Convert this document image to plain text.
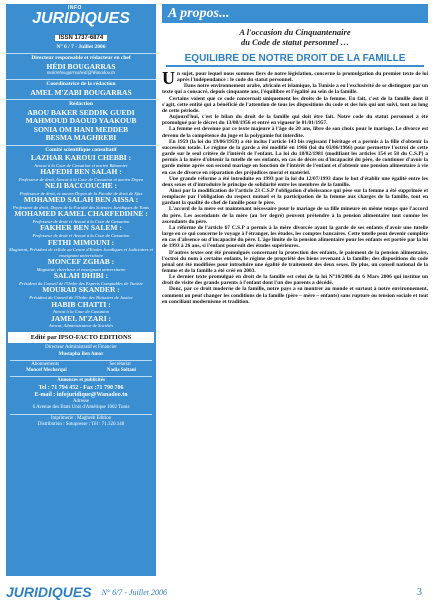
INFO
JURIDIQUES
ISSN 1737-6874
N° 6 / 7 - Juillet 2006
Directeur responsable et rédacteur en chef
HÉDI BOUGARRAS
maitrebougarrashedi@Wanadoo.tn
Coordinatrice de la rédaction
AMEL M'ZABI BOUGARRAS
Rédaction
ABOU BAKER SEDDIK GUEDI
MAHMOUD DAOUD YAAKOUB
SONIA OM HANI MEDDEB
BESMA MAGHREBI
Comité scientifique consultatif
LAZHAR KAROUI CHEBBI :
Avocat à la Cour de Cassation et ancien Bâtonnier
HAFEDH BEN SALAH :
Professeur de droit, Avocat à la Cour de Cassation et ancien Doyen
NEJI BACCOUCHE :
Professeur de droit, et ancien Doyen de la Faculté de droit de Sfax
MOHAMED SALAH BEN AISSA :
Professeur de droit, Doyen de la Faculté des Sciences Juridiques de Tunis
MOHAMED KAMEL CHARFEDDINE :
Professeur de droit et Avocat à la Cour de Cassation
FAKHER BEN SALEM :
Professeur de droit et Avocat à la Cour de Cassation
FETHI MIMOUNI :
Magistrat, Président de cellule au Centre d'Etudes Juridiques et Judiciaires et enseignant universitaire
MONCEF ZGHAB :
Magistrat, chercheur et enseignant universitaire
SALAH DHIBI :
Président du Conseil de l'Ordre des Experts Comptables de Tunisie
MOURAD SKANDER :
Président du Conseil de l'Ordre des Huissiers de Justice
HABIB CHATTI :
Avocat à la Cour de Cassation
JAMEL M'ZARI :
Avocat, Administrateur de Sociétés
Edité par IPSO-FACTO EDITIONS
Directeur Administratif et Financier
Mustapha Ben Amor
Abonnements	Secrétariat
Moncef Mecherqui	Nadia Soltani
Annonces et publicités
Tel : 71 794 452 - Fax :71 790 706
E-mail : infojuridique@Wanadoo.tn
Adresse
6 Avenue des Etats Unis d'Amérique 1002 Tunis
Imprimerie : Maghreb Edition
Distribution : Sotupresse : Tél : 71.320.148
A propos...
A l'occasion du Cinquantenaire
du Code de statut personnel …
EQUILIBRE DE NOTRE DROIT DE LA FAMILLE

Un sujet, pour lequel nous sommes fiers de notre législation, concerne la promulgation du premier texte de loi après l'indépendance : le code du statut personnel.

Dans notre environnement arabe, africain et islamique, la Tunisie a eu l'exclusivité de se distinguer par un texte qui a consacré, depuis cinquante ans, l'équilibre et l'égalité au sein de la famille.

Certains voient que ce code concernait uniquement les droits de la femme. En fait, c'est de la famille dont il s'agit, cette entité qui a bénéficié de l'attention de tous les dispositions du code et des lois qui ont suivi, tout au long de cette période.

Aujourd'hui, c'est le bilan du droit de la famille qui doit être fait. Notre code du statut personnel a été promulgué par le décret du 13/08/1956 et entré en vigueur le 01/01/1957.

La femme est devenue par ce texte majeure à l'âge de 20 ans, libre de son choix pour le mariage. Le divorce est devenu de la compétence du juge et la polygamie fut interdite.

En 1959 (la loi du 19/06/1959) a été inclus l'article 143 bis régissant l'héritage et a permis à la fille d'obtenir la succession totale. Le régime de la garde a été modifié en 1966 (loi du 03/06/1966) pour permettre l'octroi de cette garde sur le seul critère de l'intérêt de l'enfant. La loi du 18/02/1981 (modifiant les articles 154 et 58 du C.S.P) a permis à la mère d'obtenir la tutelle de ses enfants, en cas de décès ou d'incapacité du père, de continuer d'avoir la garde même après son second mariage en fonction de l'intérêt de l'enfant et d'obtenir une pension alimentaire à vie en cas de divorce en réparation des préjudices moral et matériel.

Une grande réforme a été introduite en 1993 par la loi du 12/07/1993 dans le but d'établir une égalité entre les deux sexes et d'introduire le principe de solidarité entre les membres de la famille.

Ainsi par la modification de l'article 23 C.S.P l'obligation d'obéissance qui pèse sur la femme a été supprimée et remplacée par l'obligation du respect mutuel et la participation de la femme aux charges de la famille, tout en gardant la qualité de chef de famille pour le père.

L'accord de la mère est maintenant nécessaire pour le mariage de sa fille mineure en même temps que l'accord du père. Les ascendants de la mère (au 1er degré) peuvent prétendre à la pension alimentaire tout comme les ascendants du père.

La réforme de l'article 67 C.S.P a permis à la mère divorcée ayant la garde de ses enfants d'avoir une tutelle large en ce qui concerne le voyage à l'étranger, les études, les comptes bancaires. Cette tutelle peut devenir complète en cas d'absence ou d'incapacité du père. L'âge limite de la pension alimentaire pour les enfants est portée par la loi de 1993 à 26 ans, si l'enfant poursuit des études supérieures.

D'autres textes ont été promulgués concernant la protection des enfants, le paiement de la pension alimentaire, l'octroi du nom à certains enfants, le régime de propriété des biens revenant à la famille; des dispositions du code pénal ont été modifiées pour introduire une égalité de traitement des deux sexes. De plus, un conseil national de la femme et de la famille a été créé en 2003.

Le dernier texte promulgué en droit de la famille est celui de la loi N°10/2006 du 6 Mars 2006 qui institue un droit de visite des grands parents à l'enfant dont l'un des parents a décédé.

Donc, par ce droit moderne de la famille, notre pays a su montrer au monde et surtout à notre environnement, comment on peut changer les conditions de la famille (père – mère – enfants) sans rupture ou tension sociale et tout en conciliant modernisme et tradition.

JURIDIQUES N° 6/7 - Juillet 2006	3
